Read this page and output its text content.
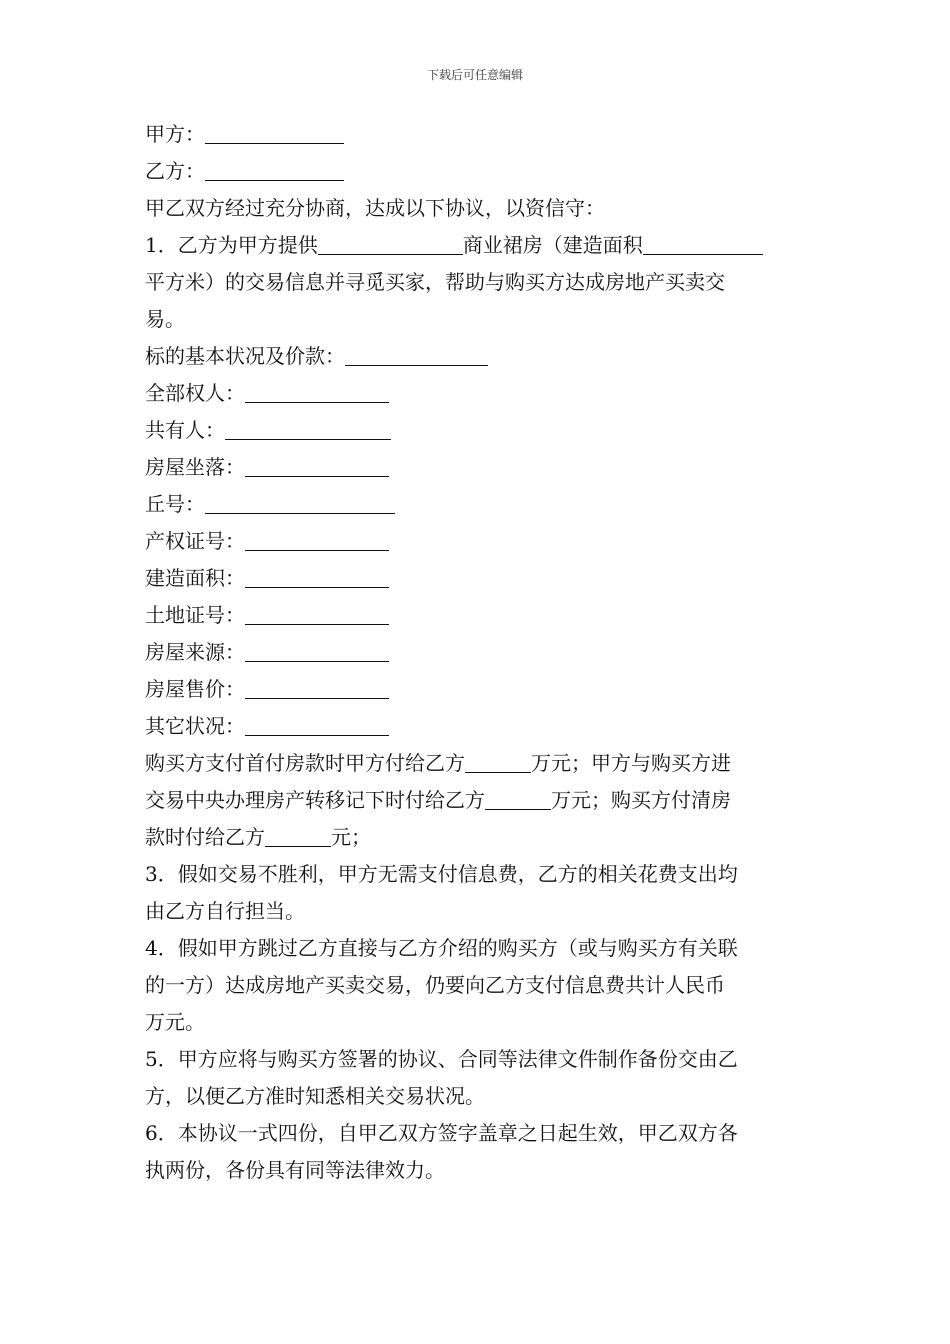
下载后可任意编辑
甲方：
乙方：
甲乙双方经过充分协商，达成以下协议，以资信守：
1．乙方为甲方提供	商业裙房（建造面积
平方米）的交易信息并寻觅买家，帮助与购买方达成房地产买卖交
易。
标的基本状况及价款：
全部权人：
共有人：
房屋坐落：
丘号：
产权证号：
建造面积：
土地证号：
房屋来源：
房屋售价：
其它状况：
购买方支付首付房款时甲方付给乙方	万元；甲方与购买方进
交易中央办理房产转移记下时付给乙方	万元；购买方付清房
款时付给乙方	元；
3．假如交易不胜利，甲方无需支付信息费，乙方的相关花费支出均
由乙方自行担当。
4．假如甲方跳过乙方直接与乙方介绍的购买方（或与购买方有关联
的一方）达成房地产买卖交易，仍要向乙方支付信息费共计人民币
万元。
5．甲方应将与购买方签署的协议、合同等法律文件制作备份交由乙
方，以便乙方准时知悉相关交易状况。
6．本协议一式四份，自甲乙双方签字盖章之日起生效，甲乙双方各
执两份，各份具有同等法律效力。
